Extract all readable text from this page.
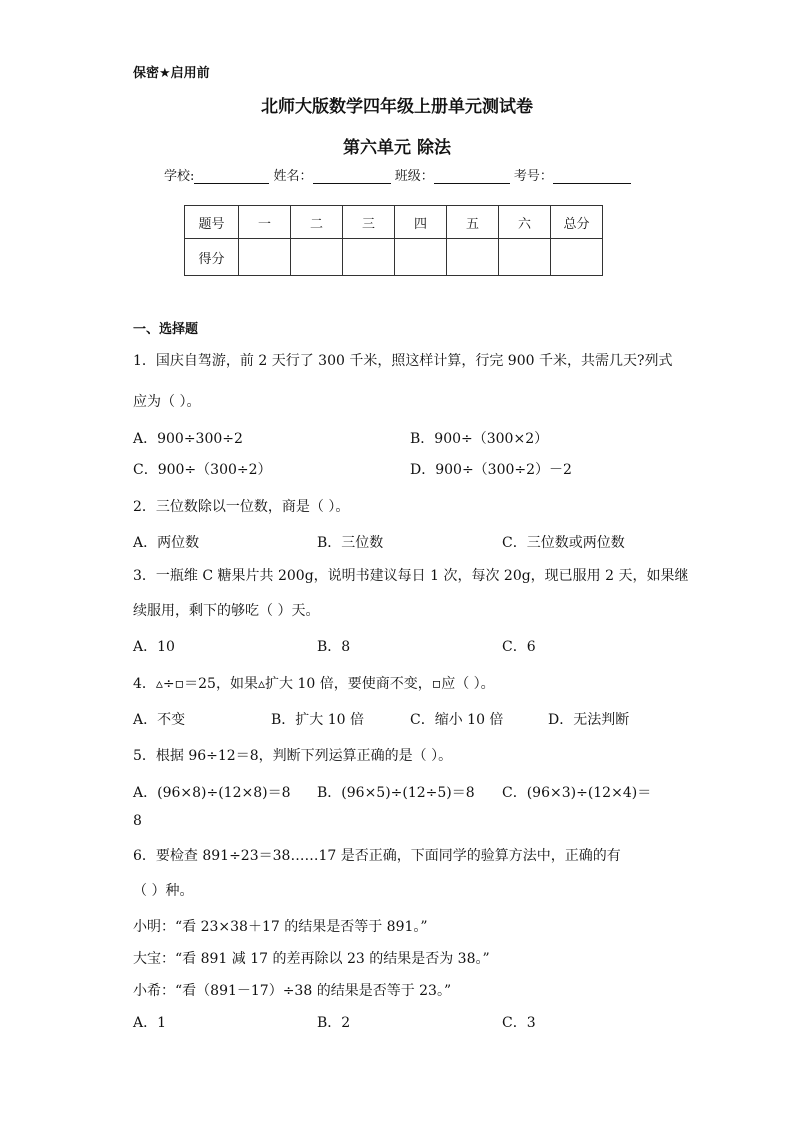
保密★启用前
北师大版数学四年级上册单元测试卷
第六单元 除法
学校:	姓名：	班级：	考号：
题号	一	二	三	四	五	六	总分
得分							
一、选择题
1．国庆自驾游，前 2 天行了 300 千米，照这样计算，行完 900 千米，共需几天?列式
应为（ ）。
A．900÷300÷2	B．900÷（300×2）
C．900÷（300÷2）	D．900÷（300÷2）－2
2．三位数除以一位数，商是（ ）。
A．两位数	B．三位数	C．三位数或两位数
3．一瓶维 C 糖果片共 200g，说明书建议每日 1 次，每次 20g，现已服用 2 天，如果继
续服用，剩下的够吃（ ）天。
A．10	B．8	C．6
4．▵÷▫＝25，如果▵扩大 10 倍，要使商不变，▫应（ ）。
A．不变	B．扩大 10 倍	C．缩小 10 倍	D．无法判断
5．根据 96÷12＝8，判断下列运算正确的是（ ）。
A．(96×8)÷(12×8)＝8 B．(96×5)÷(12÷5)＝8 C．(96×3)÷(12×4)＝
8
6．要检查 891÷23＝38……17 是否正确，下面同学的验算方法中，正确的有
（ ）种。
小明：“看 23×38＋17 的结果是否等于 891。”
大宝：“看 891 减 17 的差再除以 23 的结果是否为 38。”
小希：“看（891－17）÷38 的结果是否等于 23。”
A．1	B．2	C．3
